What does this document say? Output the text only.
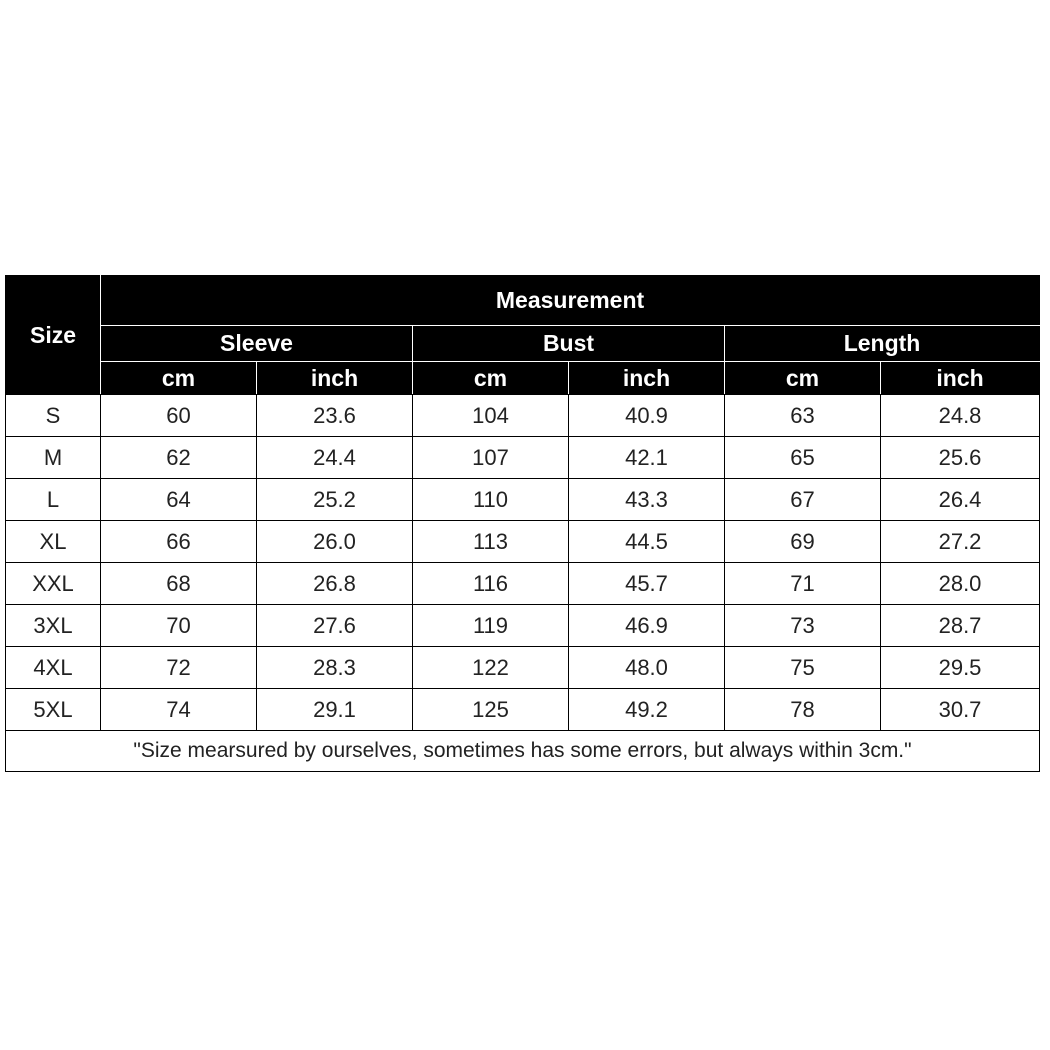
Size	Measurement					
	Sleeve		Bust		Length	
	cm	inch	cm	inch	cm	inch
S	60	23.6	104	40.9	63	24.8
M	62	24.4	107	42.1	65	25.6
L	64	25.2	110	43.3	67	26.4
XL	66	26.0	113	44.5	69	27.2
XXL	68	26.8	116	45.7	71	28.0
3XL	70	27.6	119	46.9	73	28.7
4XL	72	28.3	122	48.0	75	29.5
5XL	74	29.1	125	49.2	78	30.7
"Size mearsured by ourselves, sometimes has some errors, but always within 3cm."						
